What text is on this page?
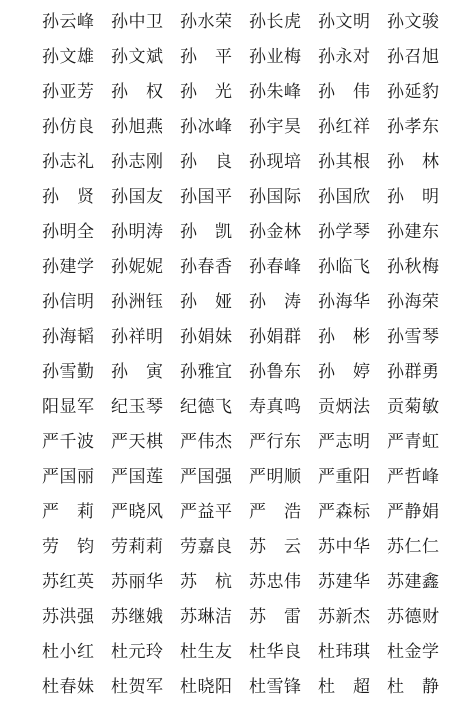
孙云峰 孙中卫 孙水荣 孙长虎 孙文明 孙文骏
孙文雄 孙文斌 孙　平 孙业梅 孙永对 孙召旭
孙亚芳 孙　权 孙　光 孙朱峰 孙　伟 孙延豹
孙仿良 孙旭燕 孙冰峰 孙宇昊 孙红祥 孙孝东
孙志礼 孙志刚 孙　良 孙现培 孙其根 孙　林
孙　贤 孙国友 孙国平 孙国际 孙国欣 孙　明
孙明全 孙明涛 孙　凯 孙金林 孙学琴 孙建东
孙建学 孙妮妮 孙春香 孙春峰 孙临飞 孙秋梅
孙信明 孙洲钰 孙　娅 孙　涛 孙海华 孙海荣
孙海韬 孙祥明 孙娟妹 孙娟群 孙　彬 孙雪琴
孙雪勤 孙　寅 孙雅宜 孙鲁东 孙　婷 孙群勇
阳显军 纪玉琴 纪德飞 寿真鸣 贡炳法 贡菊敏
严千波 严天棋 严伟杰 严行东 严志明 严青虹
严国丽 严国莲 严国强 严明顺 严重阳 严哲峰
严　莉 严晓风 严益平 严　浩 严森标 严静娟
劳　钧 劳莉莉 劳嘉良 苏　云 苏中华 苏仁仁
苏红英 苏丽华 苏　杭 苏忠伟 苏建华 苏建鑫
苏洪强 苏继娥 苏琳洁 苏　雷 苏新杰 苏德财
杜小红 杜元玲 杜生友 杜华良 杜玮琪 杜金学
杜春妹 杜贺军 杜晓阳 杜雪锋 杜　超 杜　静
